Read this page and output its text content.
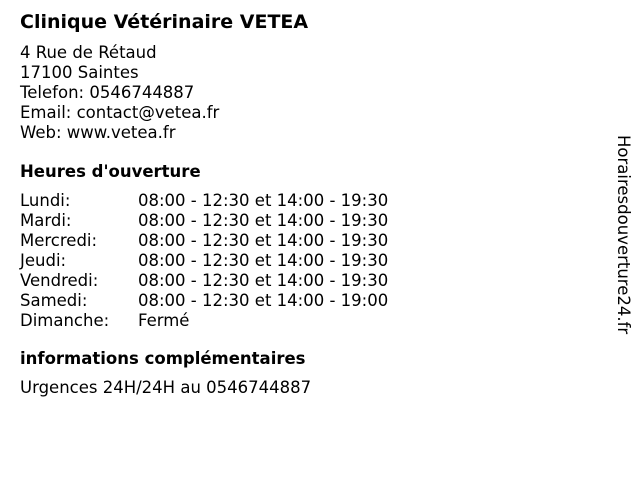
Clinique Vétérinaire VETEA
4 Rue de Rétaud
17100 Saintes
Telefon: 0546744887
Email: contact@vetea.fr
Web: www.vetea.fr
Heures d'ouverture
Lundi:	08:00 - 12:30 et 14:00 - 19:30
Mardi:	08:00 - 12:30 et 14:00 - 19:30
Mercredi:	08:00 - 12:30 et 14:00 - 19:30
Jeudi:	08:00 - 12:30 et 14:00 - 19:30
Vendredi:	08:00 - 12:30 et 14:00 - 19:30
Samedi:	08:00 - 12:30 et 14:00 - 19:00
Dimanche:	Fermé
informations complémentaires
Urgences 24H/24H au 0546744887
Horairesdouverture24.fr
